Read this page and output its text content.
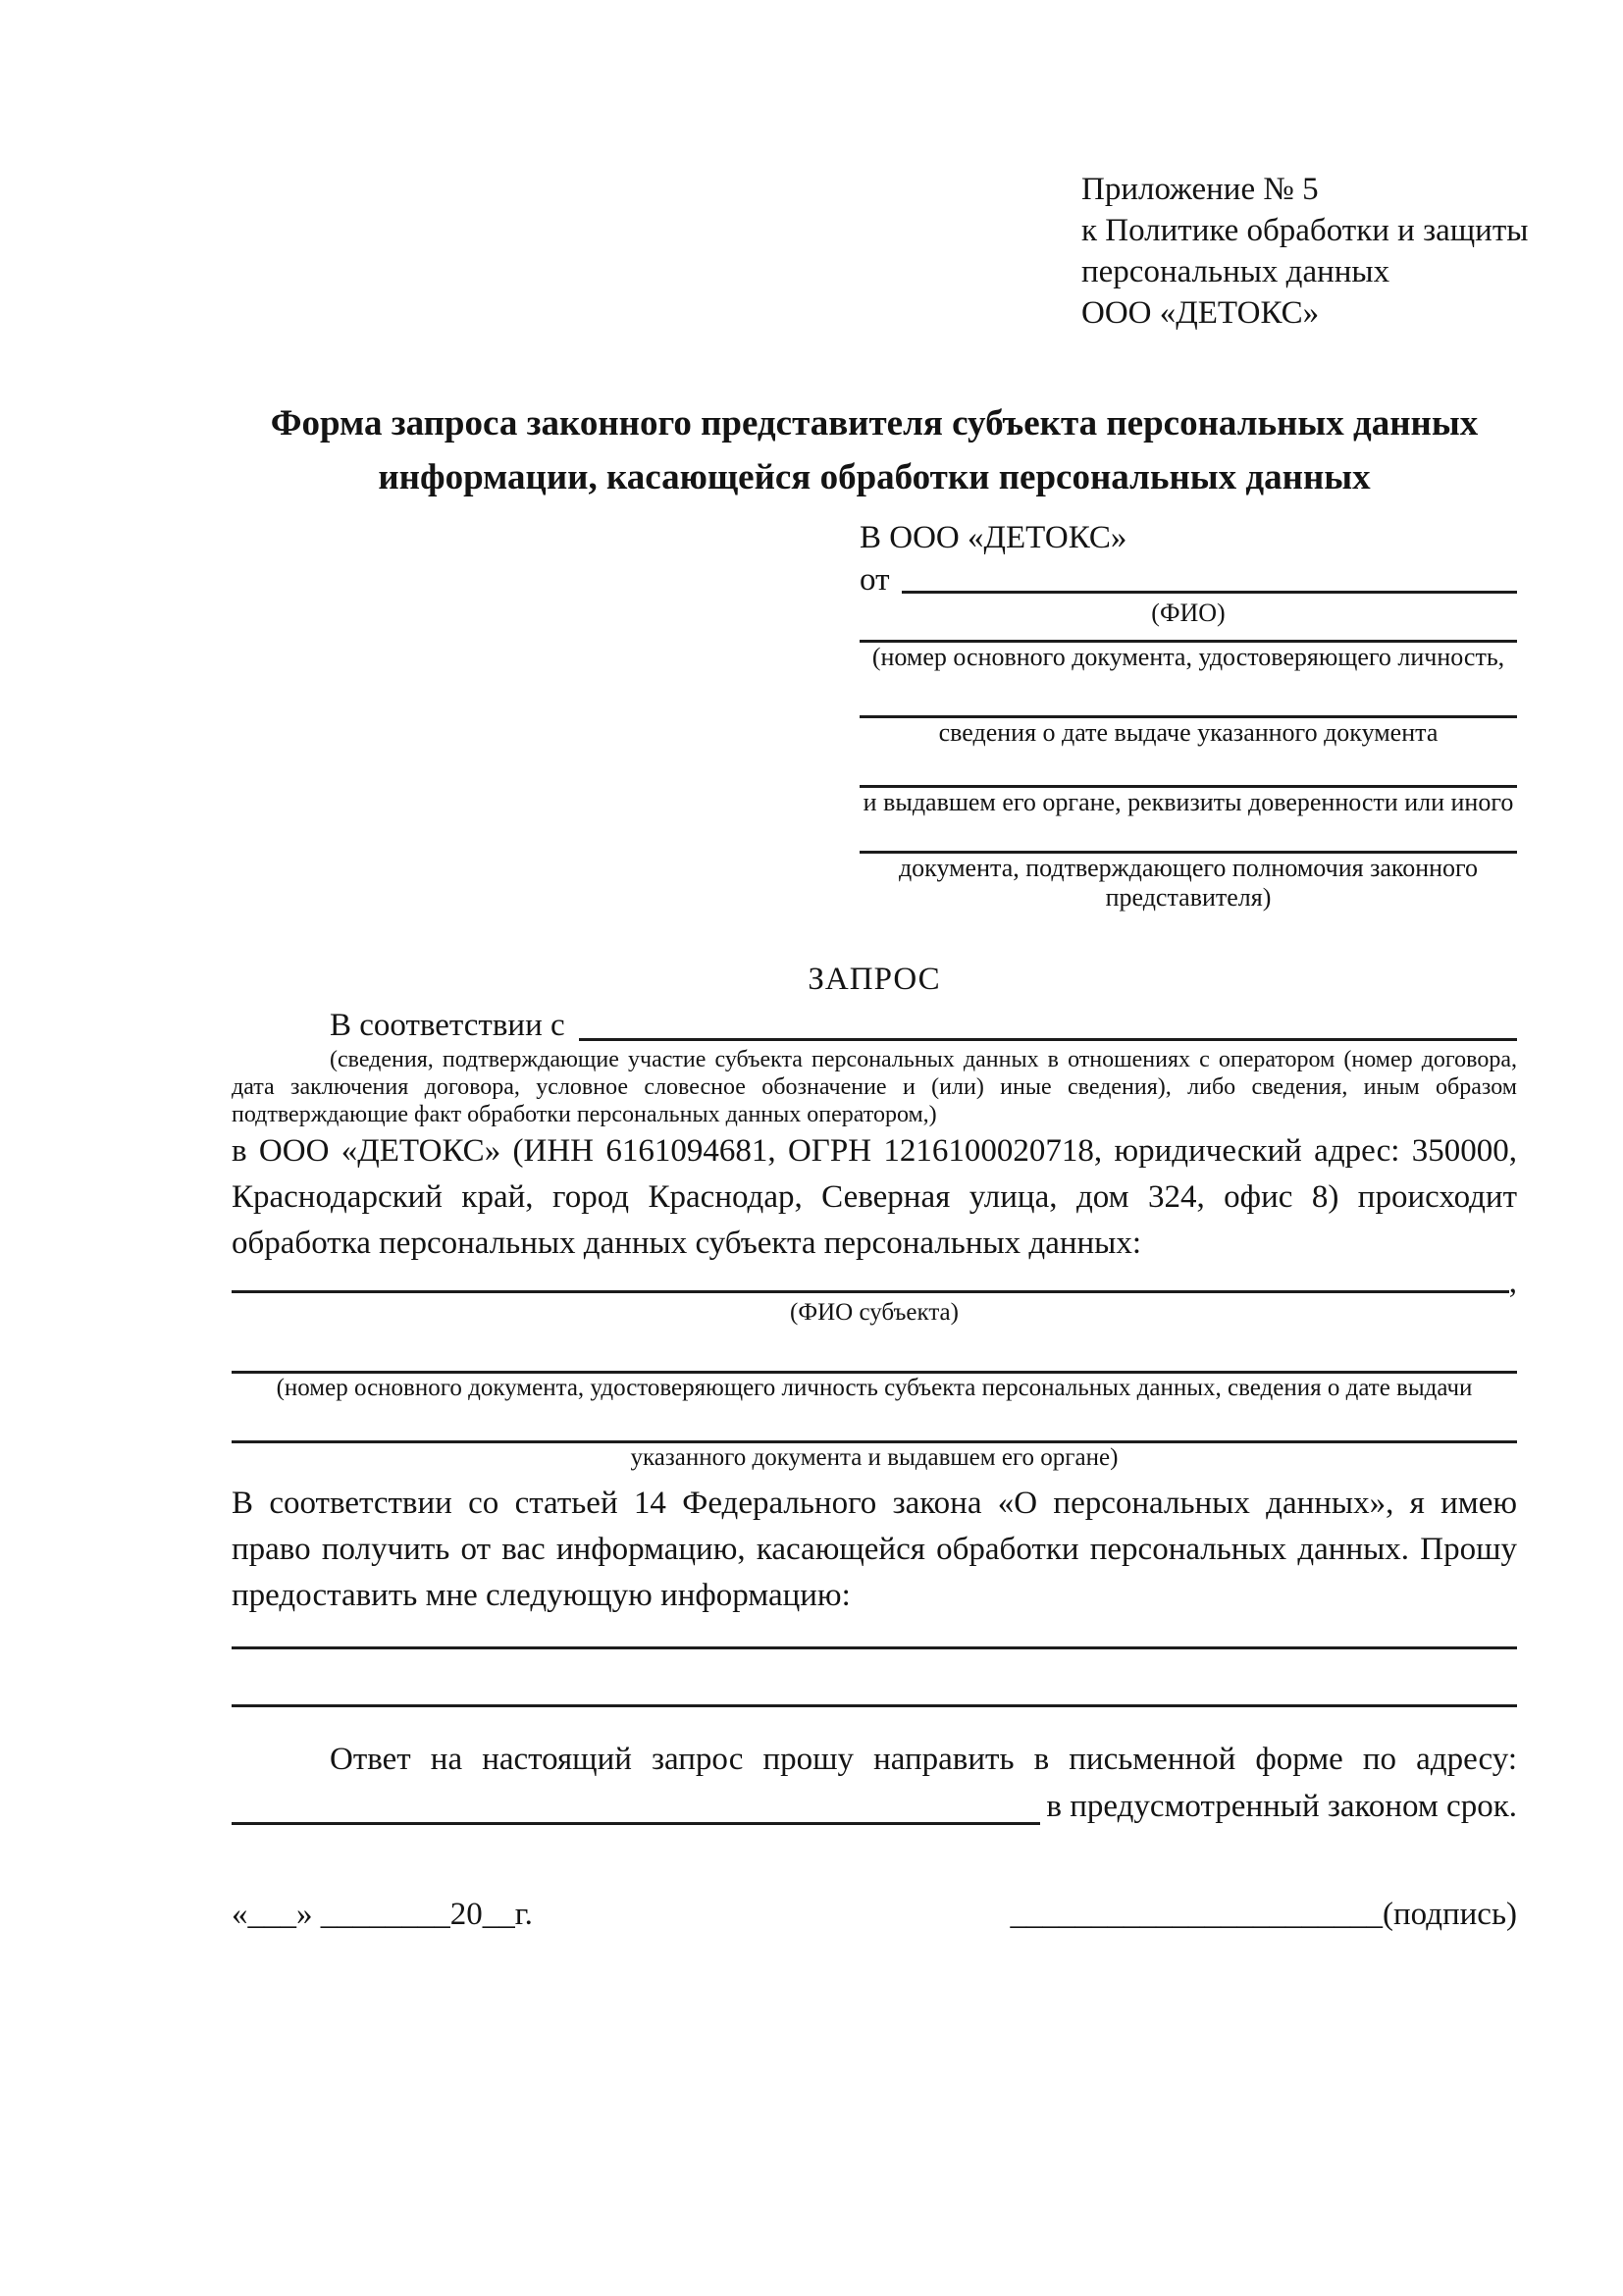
Приложение № 5
к Политике обработки и защиты
персональных данных
ООО «ДЕТОКС»
Форма запроса законного представителя субъекта персональных данных информации, касающейся обработки персональных данных
В ООО «ДЕТОКС»
от
(ФИО)
(номер основного документа, удостоверяющего личность,
сведения о дате выдаче указанного документа
и выдавшем его органе, реквизиты доверенности или иного
документа, подтверждающего полномочия законного представителя)
ЗАПРОС
В соответствии с
(сведения, подтверждающие участие субъекта персональных данных в отношениях с оператором (номер договора, дата заключения договора, условное словесное обозначение и (или) иные сведения), либо сведения, иным образом подтверждающие факт обработки персональных данных оператором,)

в ООО «ДЕТОКС» (ИНН 6161094681, ОГРН 1216100020718, юридический адрес: 350000, Краснодарский край, город Краснодар, Северная улица, дом 324, офис 8) происходит обработка персональных данных субъекта персональных данных:

,
(ФИО субъекта)
(номер основного документа, удостоверяющего личность субъекта персональных данных, сведения о дате выдачи
указанного документа и выдавшем его органе)

В соответствии со статьей 14 Федерального закона «О персональных данных», я имею право получить от вас информацию, касающейся обработки персональных данных. Прошу предоставить мне следующую информацию:

Ответ на настоящий запрос прошу направить в письменной форме по адресу:
в предусмотренный законом срок.
«___» ________20__г.	_______________________(подпись)
